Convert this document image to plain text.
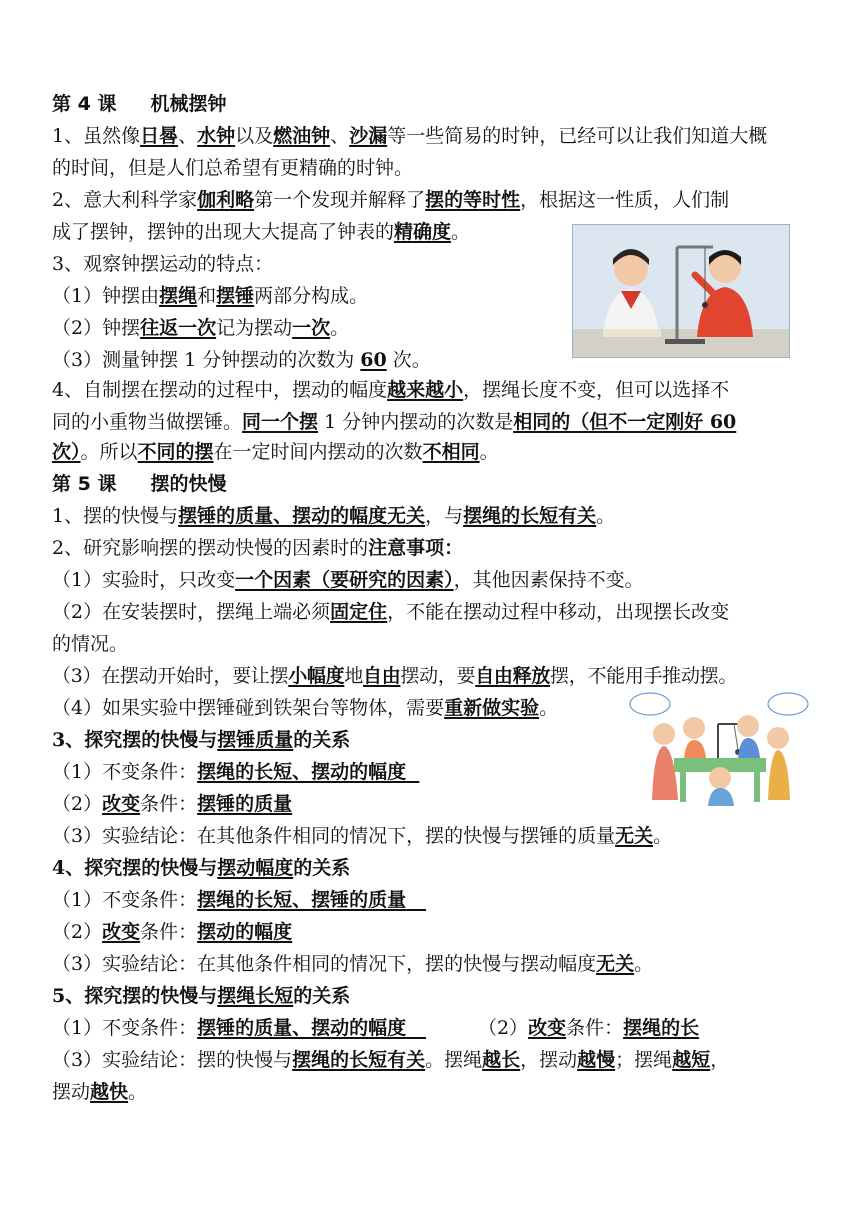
第 4 课 机械摆钟
1、虽然像日晷、水钟以及燃油钟、沙漏等一些简易的时钟，已经可以让我们知道大概
的时间，但是人们总希望有更精确的时钟。
2、意大利科学家伽利略第一个发现并解释了摆的等时性，根据这一性质，人们制
成了摆钟，摆钟的出现大大提高了钟表的精确度。
3、观察钟摆运动的特点：
（1）钟摆由摆绳和摆锤两部分构成。
（2）钟摆往返一次记为摆动一次。
（3）测量钟摆 1 分钟摆动的次数为 60 次。
4、自制摆在摆动的过程中，摆动的幅度越来越小，摆绳长度不变，但可以选择不
同的小重物当做摆锤。同一个摆 1 分钟内摆动的次数是相同的（但不一定刚好 60
次）。所以不同的摆在一定时间内摆动的次数不相同。
第 5 课 摆的快慢
1、摆的快慢与摆锤的质量、摆动的幅度无关，与摆绳的长短有关。
2、研究影响摆的摆动快慢的因素时的注意事项：
（1）实验时，只改变一个因素（要研究的因素），其他因素保持不变。
（2）在安装摆时，摆绳上端必须固定住，不能在摆动过程中移动，出现摆长改变
的情况。
（3）在摆动开始时，要让摆小幅度地自由摆动，要自由释放摆，不能用手推动摆。
（4）如果实验中摆锤碰到铁架台等物体，需要重新做实验。
3、探究摆的快慢与摆锤质量的关系
（1）不变条件：摆绳的长短、摆动的幅度
（2）改变条件：摆锤的质量
（3）实验结论：在其他条件相同的情况下，摆的快慢与摆锤的质量无关。
4、探究摆的快慢与摆动幅度的关系
（1）不变条件：摆绳的长短、摆锤的质量
（2）改变条件：摆动的幅度
（3）实验结论：在其他条件相同的情况下，摆的快慢与摆动幅度无关。
5、探究摆的快慢与摆绳长短的关系
（1）不变条件：摆锤的质量、摆动的幅度	（2）改变条件：摆绳的长
（3）实验结论：摆的快慢与摆绳的长短有关。摆绳越长，摆动越慢；摆绳越短，
摆动越快。
